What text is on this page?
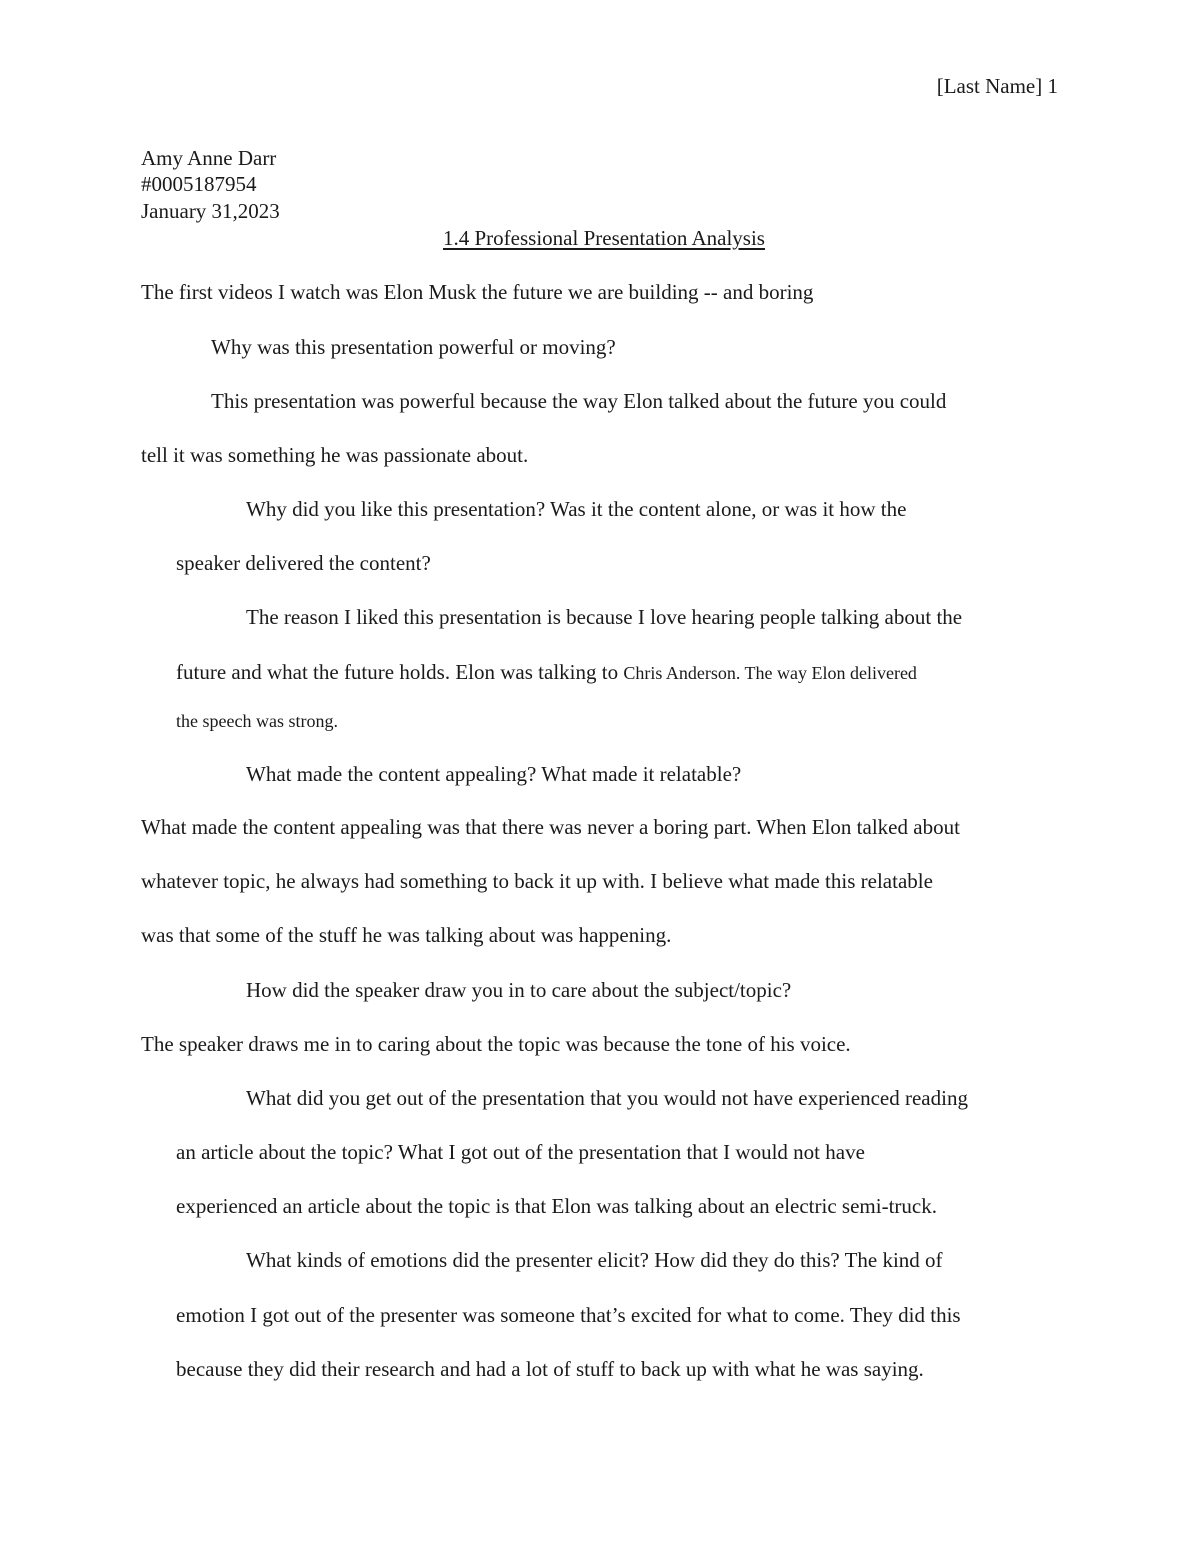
[Last Name] 1
Amy Anne Darr
#0005187954
January 31,2023
1.4 Professional Presentation Analysis
The first videos I watch was Elon Musk the future we are building -- and boring
Why was this presentation powerful or moving?
This presentation was powerful because the way Elon talked about the future you could
tell it was something he was passionate about.
Why did you like this presentation? Was it the content alone, or was it how the
speaker delivered the content?
The reason I liked this presentation is because I love hearing people talking about the
future and what the future holds. Elon was talking to Chris Anderson. The way Elon delivered
the speech was strong.
What made the content appealing? What made it relatable?
What made the content appealing was that there was never a boring part. When Elon talked about
whatever topic, he always had something to back it up with. I believe what made this relatable
was that some of the stuff he was talking about was happening.
How did the speaker draw you in to care about the subject/topic?
The speaker draws me in to caring about the topic was because the tone of his voice.
What did you get out of the presentation that you would not have experienced reading
an article about the topic? What I got out of the presentation that I would not have
experienced an article about the topic is that Elon was talking about an electric semi-truck.
What kinds of emotions did the presenter elicit? How did they do this? The kind of
emotion I got out of the presenter was someone that’s excited for what to come. They did this
because they did their research and had a lot of stuff to back up with what he was saying.
